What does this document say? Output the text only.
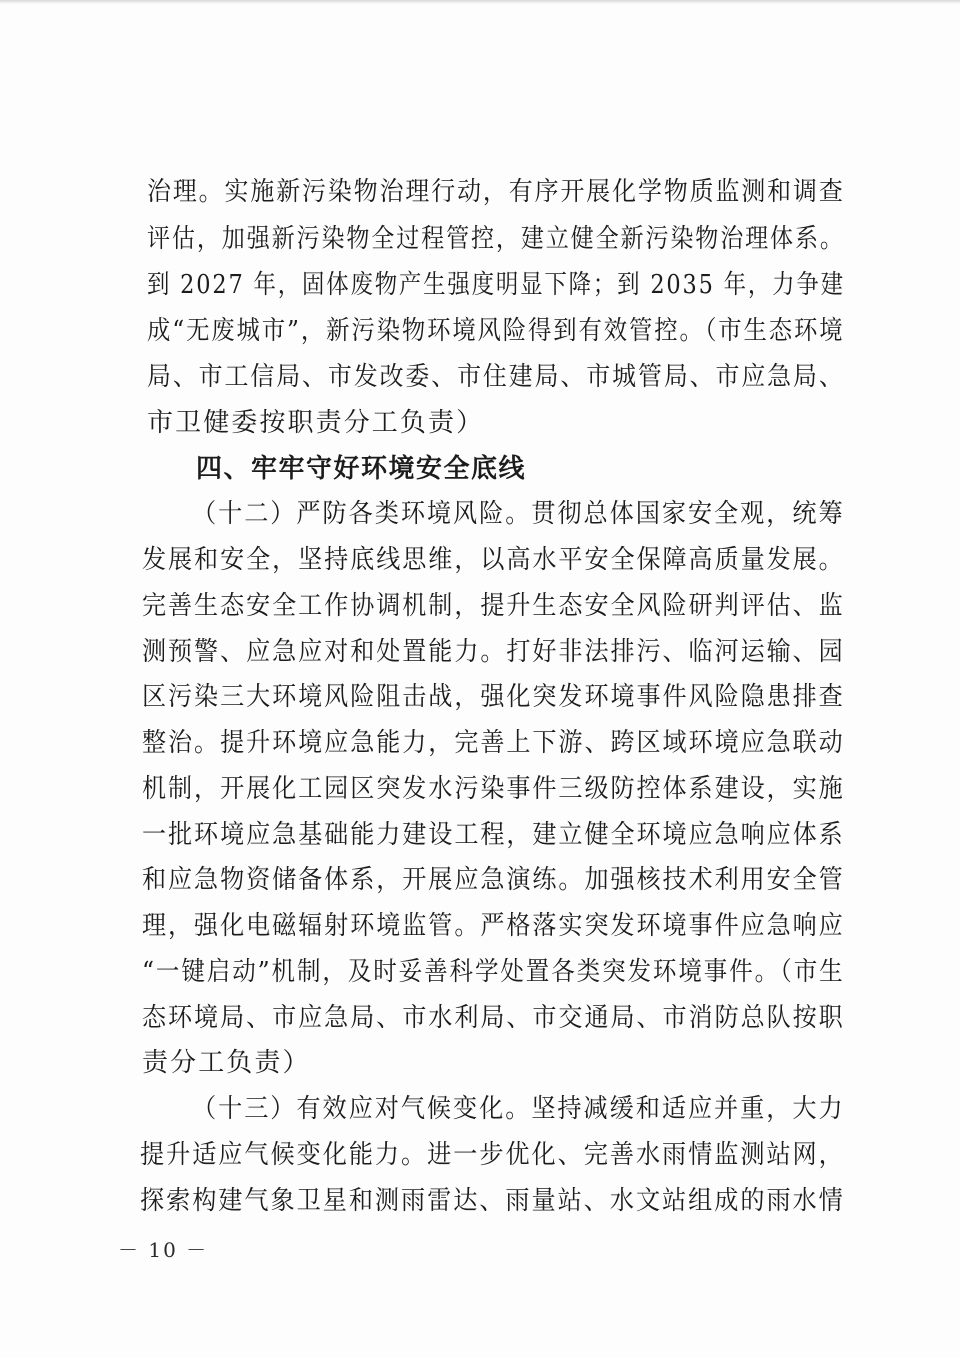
治理。实施新污染物治理行动，有序开展化学物质监测和调查
评估，加强新污染物全过程管控，建立健全新污染物治理体系。
到 2027 年，固体废物产生强度明显下降；到 2035 年，力争建
成“无废城市”，新污染物环境风险得到有效管控。（市生态环境
局、市工信局、市发改委、市住建局、市城管局、市应急局、
市卫健委按职责分工负责）
四、牢牢守好环境安全底线
（十二）严防各类环境风险。贯彻总体国家安全观，统筹
发展和安全，坚持底线思维，以高水平安全保障高质量发展。
完善生态安全工作协调机制，提升生态安全风险研判评估、监
测预警、应急应对和处置能力。打好非法排污、临河运输、园
区污染三大环境风险阻击战，强化突发环境事件风险隐患排查
整治。提升环境应急能力，完善上下游、跨区域环境应急联动
机制，开展化工园区突发水污染事件三级防控体系建设，实施
一批环境应急基础能力建设工程，建立健全环境应急响应体系
和应急物资储备体系，开展应急演练。加强核技术利用安全管
理，强化电磁辐射环境监管。严格落实突发环境事件应急响应
“一键启动”机制，及时妥善科学处置各类突发环境事件。（市生
态环境局、市应急局、市水利局、市交通局、市消防总队按职
责分工负责）
（十三）有效应对气候变化。坚持减缓和适应并重，大力
提升适应气候变化能力。进一步优化、完善水雨情监测站网，
探索构建气象卫星和测雨雷达、雨量站、水文站组成的雨水情
－ 10 －
